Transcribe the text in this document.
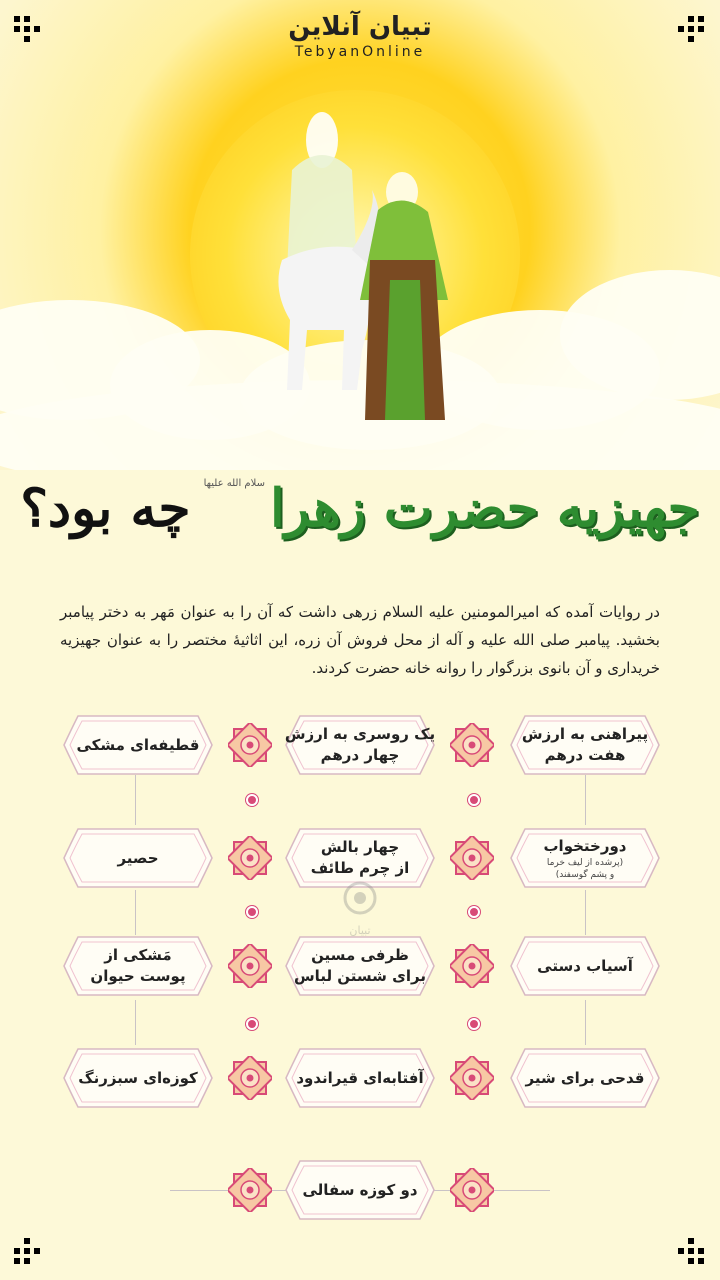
تبیان آنلاین
TebyanOnline
جهیزیه حضرت زهرا $^{سلام الله علیها}$ چه بود؟
در روایات آمده که امیرالمومنین علیه السلام زرهی داشت که آن را به عنوان مَهر به دختر پیامبر بخشید. پیامبر صلی الله علیه و آله از محل فروش آن زره، این اثاثیۀ مختصر را به عنوان جهیزیه خریداری و آن بانوی بزرگوار را روانه خانه حضرت کردند.
پیراهنی به ارزش
هفت درهم
یک روسری به ارزش
چهار درهم
قطیفه‌ای مشکی
دور‌ختخواب
(پرشده از لیف خرما
و پشم گوسفند)
چهار بالش
از چرم طائف
حصیر
آسیاب دستی
ظرفی مسین
برای شستن لباس
مَشکی از
پوست حیوان
قدحی برای شیر
آفتابه‌ای قیراندود
کوزه‌ای سبزرنگ
دو کوزه سفالی
تبیان
